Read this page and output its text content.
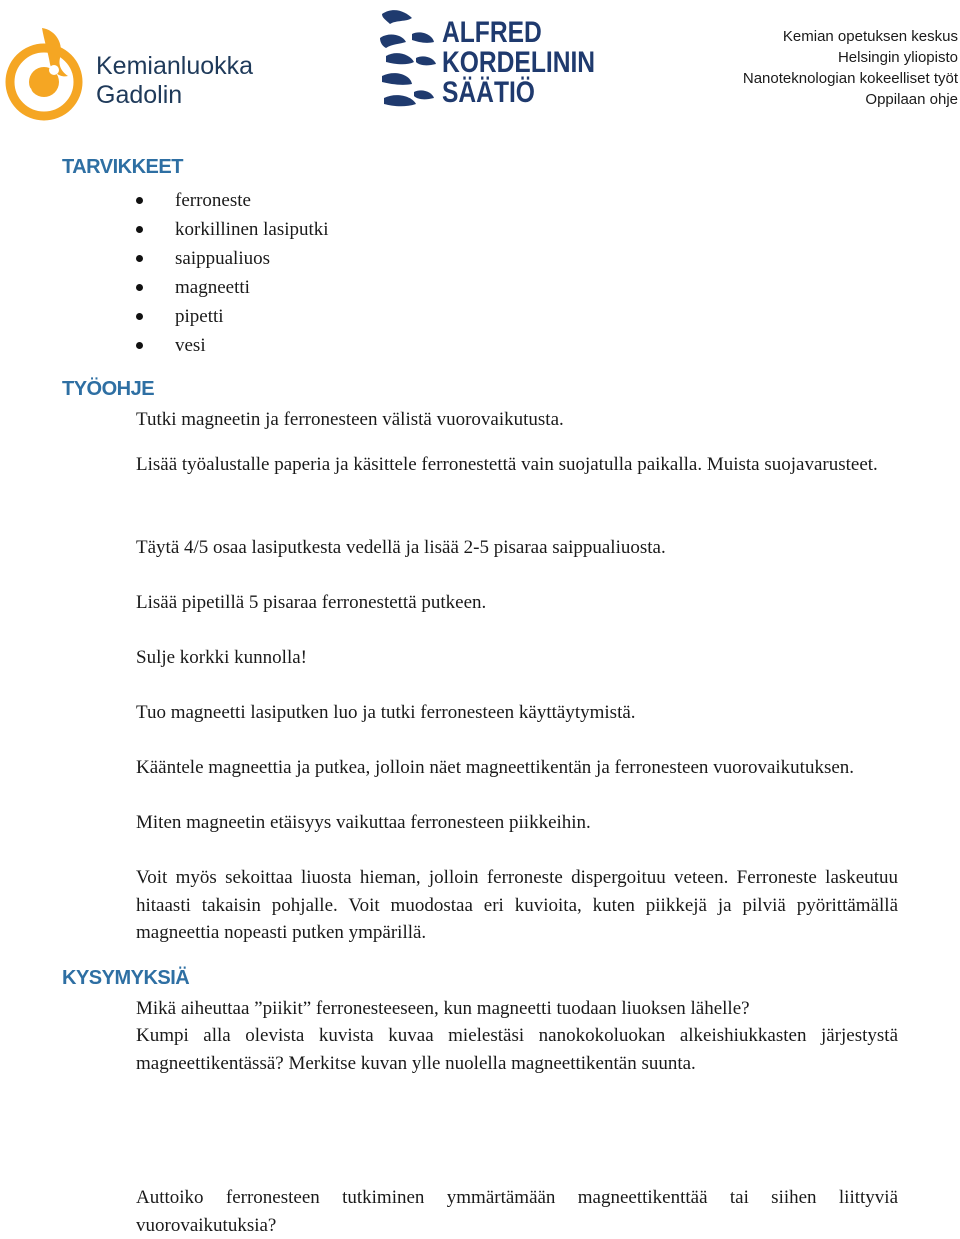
Kemianluokka
Gadolin
ALFRED
KORDELININ
SÄÄTIÖ
Kemian opetuksen keskus
Helsingin yliopisto
Nanoteknologian kokeelliset työt
Oppilaan ohje
TARVIKKEET
ferroneste
korkillinen lasiputki
saippualiuos
magneetti
pipetti
vesi
TYÖOHJE
Tutki magneetin ja ferronesteen välistä vuorovaikutusta.
Lisää työalustalle paperia ja käsittele ferronestettä vain suojatulla paikalla. Muista suojavarusteet.
Täytä 4/5 osaa lasiputkesta vedellä ja lisää 2-5 pisaraa saippualiuosta.
Lisää pipetillä 5 pisaraa ferronestettä putkeen.
Sulje korkki kunnolla!
Tuo magneetti lasiputken luo ja tutki ferronesteen käyttäytymistä.
Kääntele magneettia ja putkea, jolloin näet magneettikentän ja ferronesteen vuorovaikutuksen.
Miten magneetin etäisyys vaikuttaa ferronesteen piikkeihin.
Voit myös sekoittaa liuosta hieman, jolloin ferroneste dispergoituu veteen. Ferroneste laskeutuu hitaasti takaisin pohjalle. Voit muodostaa eri kuvioita, kuten piikkejä ja pilviä pyörittämällä magneettia nopeasti putken ympärillä.
KYSYMYKSIÄ
Mikä aiheuttaa ”piikit” ferronesteeseen, kun magneetti tuodaan liuoksen lähelle?
Kumpi alla olevista kuvista kuvaa mielestäsi nanokokoluokan alkeishiukkasten järjestystä magneettikentässä? Merkitse kuvan ylle nuolella magneettikentän suunta.
Auttoiko ferronesteen tutkiminen ymmärtämään magneettikenttää tai siihen liittyviä vuorovaikutuksia?
